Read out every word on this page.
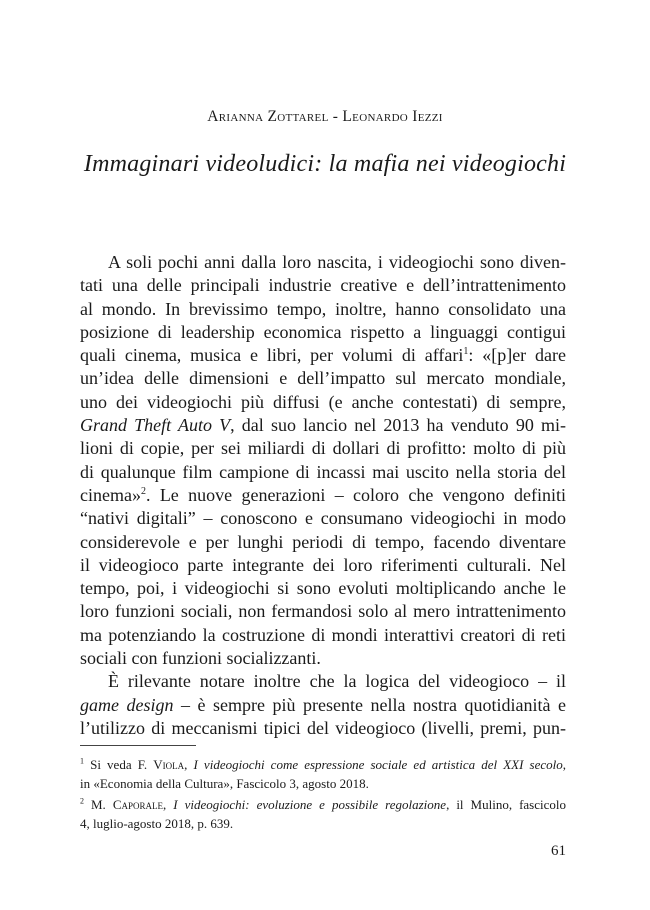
Arianna Zottarel - Leonardo Iezzi
Immaginari videoludici: la mafia nei videogiochi

A soli pochi anni dalla loro nascita, i videogiochi sono diven-
tati una delle principali industrie creative e dell’intrattenimento
al mondo. In brevissimo tempo, inoltre, hanno consolidato una
posizione di leadership economica rispetto a linguaggi contigui
quali cinema, musica e libri, per volumi di affari$^1$: «[p]er dare
un’idea delle dimensioni e dell’impatto sul mercato mondiale,
uno dei videogiochi più diffusi (e anche contestati) di sempre,
Grand Theft Auto V, dal suo lancio nel 2013 ha venduto 90 mi-
lioni di copie, per sei miliardi di dollari di profitto: molto di più
di qualunque film campione di incassi mai uscito nella storia del
cinema»$^2$. Le nuove generazioni – coloro che vengono definiti
“nativi digitali” – conoscono e consumano videogiochi in modo
considerevole e per lunghi periodi di tempo, facendo diventare
il videogioco parte integrante dei loro riferimenti culturali. Nel
tempo, poi, i videogiochi si sono evoluti moltiplicando anche le
loro funzioni sociali, non fermandosi solo al mero intrattenimento
ma potenziando la costruzione di mondi interattivi creatori di reti
sociali con funzioni socializzanti.

È rilevante notare inoltre che la logica del videogioco – il
game design – è sempre più presente nella nostra quotidianità e
l’utilizzo di meccanismi tipici del videogioco (livelli, premi, pun-

$^1$ Si veda F. Viola, I videogiochi come espressione sociale ed artistica del XXI secolo,
in «Economia della Cultura», Fascicolo 3, agosto 2018.
$^2$ M. Caporale, I videogiochi: evoluzione e possibile regolazione, il Mulino, fascicolo
4, luglio-agosto 2018, p. 639.
61
